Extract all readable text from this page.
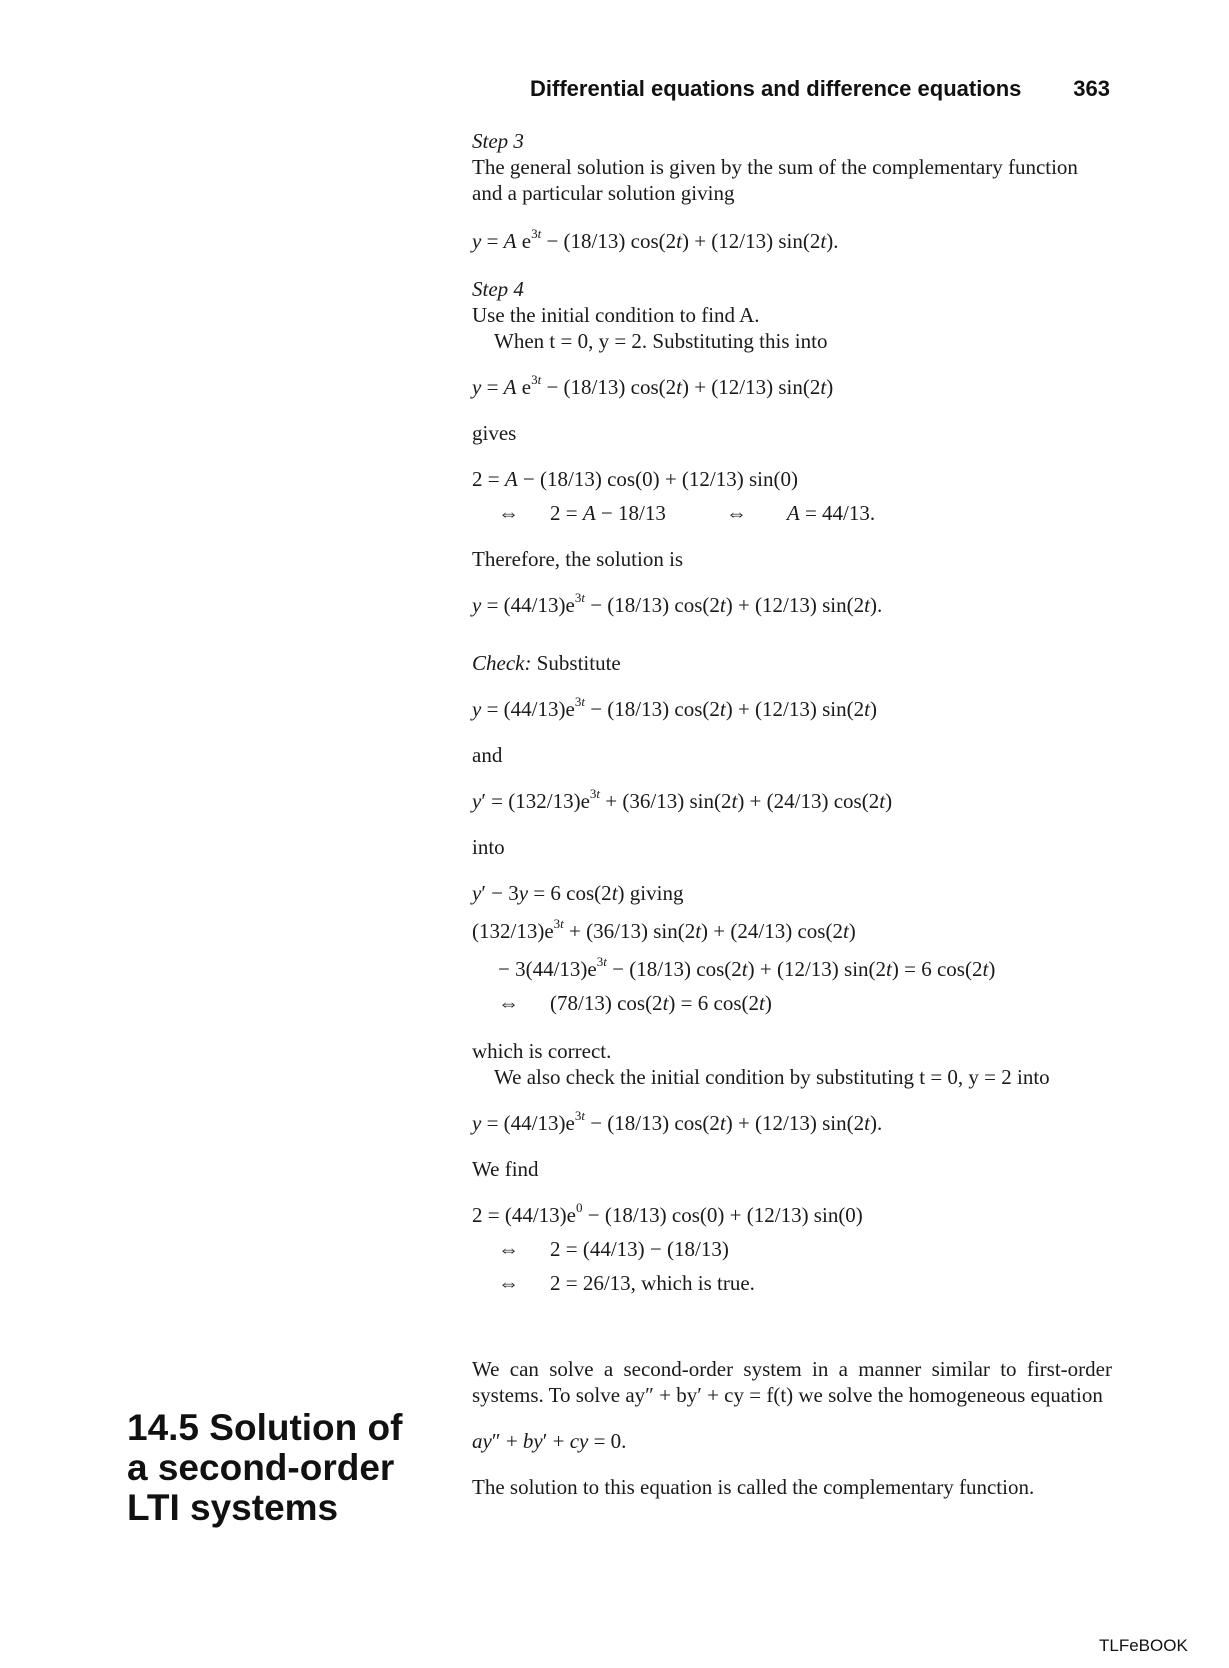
Differential equations and difference equations 363

Step 3

The general solution is given by the sum of the complementary function and a particular solution giving

y = A $e^{3t} - (18/13) \cos(2t) + (12/13)$ sin(2t).

Step 4

Use the initial condition to find A.

When t = 0, y = 2. Substituting this into

y = A $e^{3t} - (18/13) \cos(2t) + (12/13)$ sin(2t)

gives

2 = A − (18/13) cos(0) + (12/13) sin(0)

⇔ 2 = A − 18/13	⇔ A = 44/13.

Therefore, the solution is

$y = (44/13)e^{3t} - (18/13) \cos(2t) + (12/13)$ sin(2t).

Check: Substitute

$y = (44/13)e^{3t} - (18/13) \cos(2t) + (12/13)$ sin(2t)

and

$y' = (132/13)e^{3t} + (36/13) \sin(2t) + (24/13)$ cos(2t)

into

y′ − 3y = 6 cos(2t) giving

$(132/13)e^{3t} + (36/13) \sin(2t) + (24/13)$ cos(2t)

− $3(44/13)e^{3t} - (18/13) \cos(2t) + (12/13) \sin(2t) = 6$ cos(2t)

⇔ (78/13) cos(2t) = 6 cos(2t)

which is correct.

We also check the initial condition by substituting t = 0, y = 2 into

$y = (44/13)e^{3t} - (18/13) \cos(2t) + (12/13)$ sin(2t).

We find

$2 = (44/13)e^0 - (18/13) \cos(0) + (12/13)$ sin(0)

⇔ 2 = (44/13) − (18/13)

⇔ 2 = 26/13, which is true.

We can solve a second-order system in a manner similar to first-order systems. To solve ay″ + by′ + cy = f(t) we solve the homogeneous equation

ay″ + by′ + cy = 0.

The solution to this equation is called the complementary function.

14.5 Solution of
a second-order
LTI systems
TLFeBOOK
